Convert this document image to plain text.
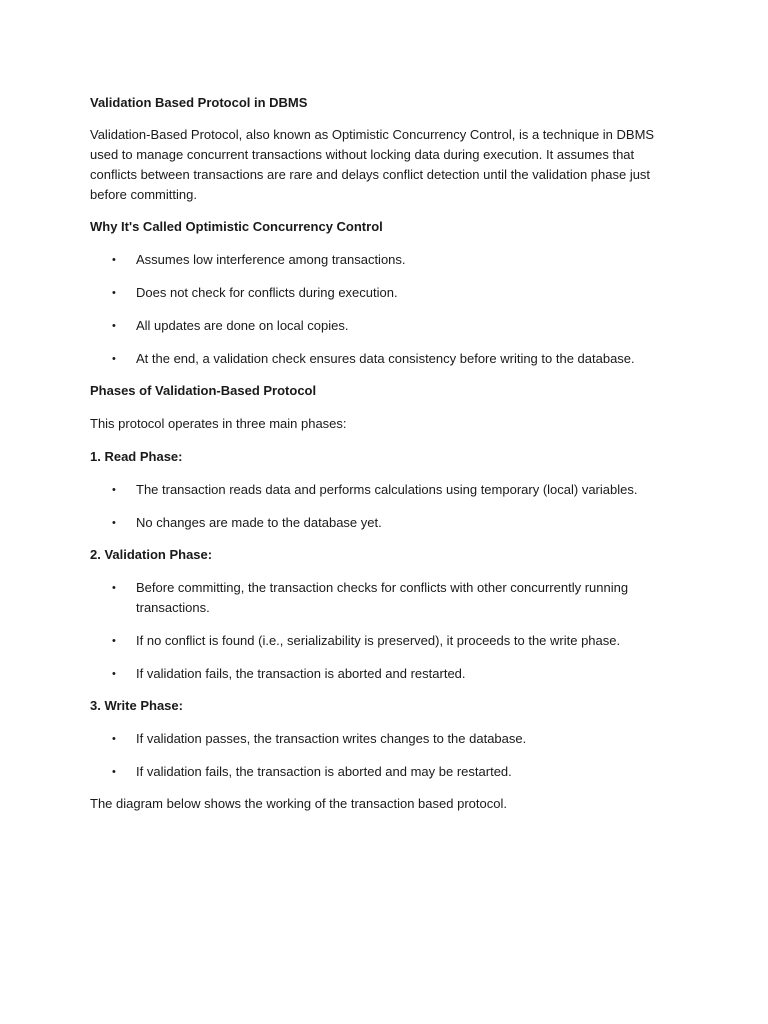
Validation Based Protocol in DBMS

Validation-Based Protocol, also known as Optimistic Concurrency Control, is a technique in DBMS used to manage concurrent transactions without locking data during execution. It assumes that conflicts between transactions are rare and delays conflict detection until the validation phase just before committing.

Why It's Called Optimistic Concurrency Control
• Assumes low interference among transactions.
• Does not check for conflicts during execution.
• All updates are done on local copies.
• At the end, a validation check ensures data consistency before writing to the database.
Phases of Validation-Based Protocol

This protocol operates in three main phases:

1. Read Phase:
• The transaction reads data and performs calculations using temporary (local) variables.
• No changes are made to the database yet.
2. Validation Phase:
• Before committing, the transaction checks for conflicts with other concurrently running transactions.
• If no conflict is found (i.e., serializability is preserved), it proceeds to the write phase.
• If validation fails, the transaction is aborted and restarted.
3. Write Phase:
• If validation passes, the transaction writes changes to the database.
• If validation fails, the transaction is aborted and may be restarted.

The diagram below shows the working of the transaction based protocol.
